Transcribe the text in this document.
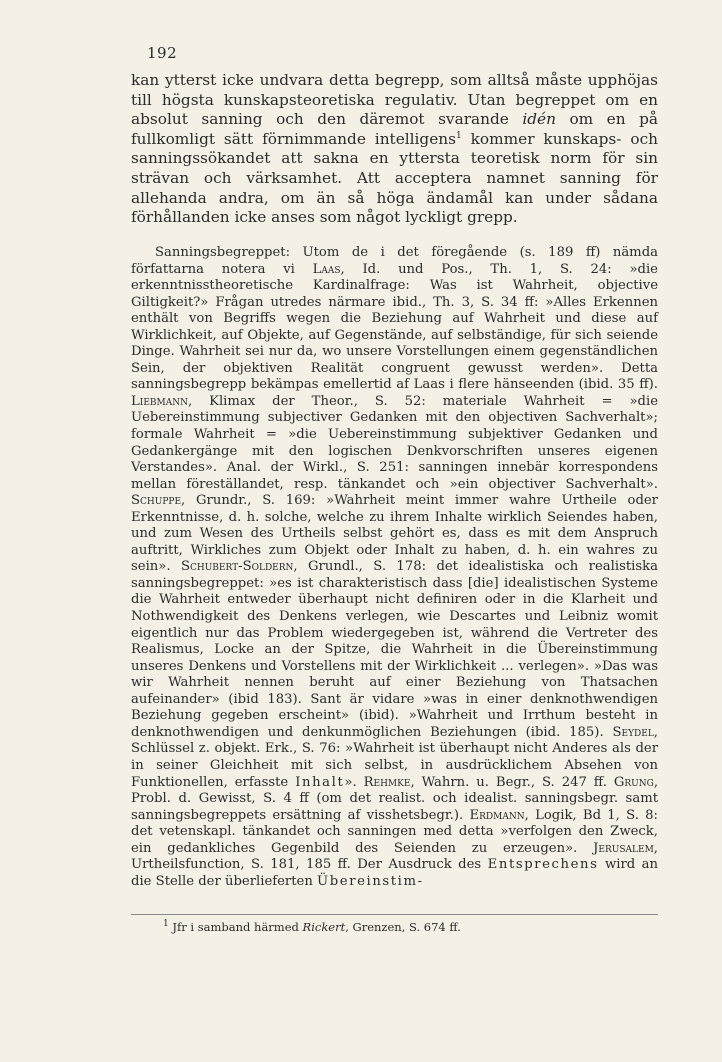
192

kan ytterst icke undvara detta begrepp, som alltså måste upphöjas till högsta kunskapsteoretiska regulativ. Utan begreppet om en absolut sanning och den däremot svarande idén om en på fullkomligt sätt förnimmande intelligens$^1$ kommer kunskaps- och sanningssökandet att sakna en yttersta teoretisk norm för sin strävan och värksamhet. Att acceptera namnet sanning för allehanda andra, om än så höga ändamål kan under sådana förhållanden icke anses som något lyckligt grepp.

Sanningsbegreppet: Utom de i det föregående (s. 189 ff) nämda författarna notera vi Laas, Id. und Pos., Th. 1, S. 24: »die erkenntnisstheoretische Kardinalfrage: Was ist Wahrheit, objective Giltigkeit?» Frågan utredes närmare ibid., Th. 3, S. 34 ff: »Alles Erkennen enthält von Begriffs wegen die Beziehung auf Wahrheit und diese auf Wirklichkeit, auf Objekte, auf Gegenstände, auf selbständige, für sich seiende Dinge. Wahrheit sei nur da, wo unsere Vorstellungen einem gegenständlichen Sein, der objektiven Realität congruent gewusst werden». Detta sanningsbegrepp bekämpas emellertid af Laas i flere hänseenden (ibid. 35 ff). Liebmann, Klimax der Theor., S. 52: materiale Wahrheit = »die Uebereinstimmung subjectiver Gedanken mit den objectiven Sachverhalt»; formale Wahrheit = »die Uebereinstimmung subjektiver Gedanken und Gedankergänge mit den logischen Denkvorschriften unseres eigenen Verstandes». Anal. der Wirkl., S. 251: sanningen innebär korrespondens mellan föreställandet, resp. tänkandet och »ein objectiver Sachverhalt». Schuppe, Grundr., S. 169: »Wahrheit meint immer wahre Urtheile oder Erkenntnisse, d. h. solche, welche zu ihrem Inhalte wirklich Seiendes haben, und zum Wesen des Urtheils selbst gehört es, dass es mit dem Anspruch auftritt, Wirkliches zum Objekt oder Inhalt zu haben, d. h. ein wahres zu sein». Schubert-Soldern, Grundl., S. 178: det idealistiska och realistiska sanningsbegreppet: »es ist charakteristisch dass [die] idealistischen Systeme die Wahrheit entweder überhaupt nicht definiren oder in die Klarheit und Nothwendigkeit des Denkens verlegen, wie Descartes und Leibniz womit eigentlich nur das Problem wiedergegeben ist, während die Vertreter des Realismus, Locke an der Spitze, die Wahrheit in die Übereinstimmung unseres Denkens und Vorstellens mit der Wirklichkeit ... verlegen». »Das was wir Wahrheit nennen beruht auf einer Beziehung von Thatsachen aufeinander» (ibid 183). Sant är vidare »was in einer denknothwendigen Beziehung gegeben erscheint» (ibid). »Wahrheit und Irrthum besteht in denknothwendigen und denkunmöglichen Beziehungen (ibid. 185). Seydel, Schlüssel z. objekt. Erk., S. 76: »Wahrheit ist überhaupt nicht Anderes als der in seiner Gleichheit mit sich selbst, in ausdrücklichem Absehen von Funktionellen, erfasste Inhalt». Rehmke, Wahrn. u. Begr., S. 247 ff. Grung, Probl. d. Gewisst, S. 4 ff (om det realist. och idealist. sanningsbegr. samt sanningsbegreppets ersättning af visshetsbegr.). Erdmann, Logik, Bd 1, S. 8: det vetenskapl. tänkandet och sanningen med detta »verfolgen den Zweck, ein gedankliches Gegenbild des Seienden zu erzeugen». Jerusalem, Urtheilsfunction, S. 181, 185 ff. Der Ausdruck des Entsprechens wird an die Stelle der überlieferten Übereinstim-

$^1$ Jfr i samband härmed Rickert, Grenzen, S. 674 ff.
